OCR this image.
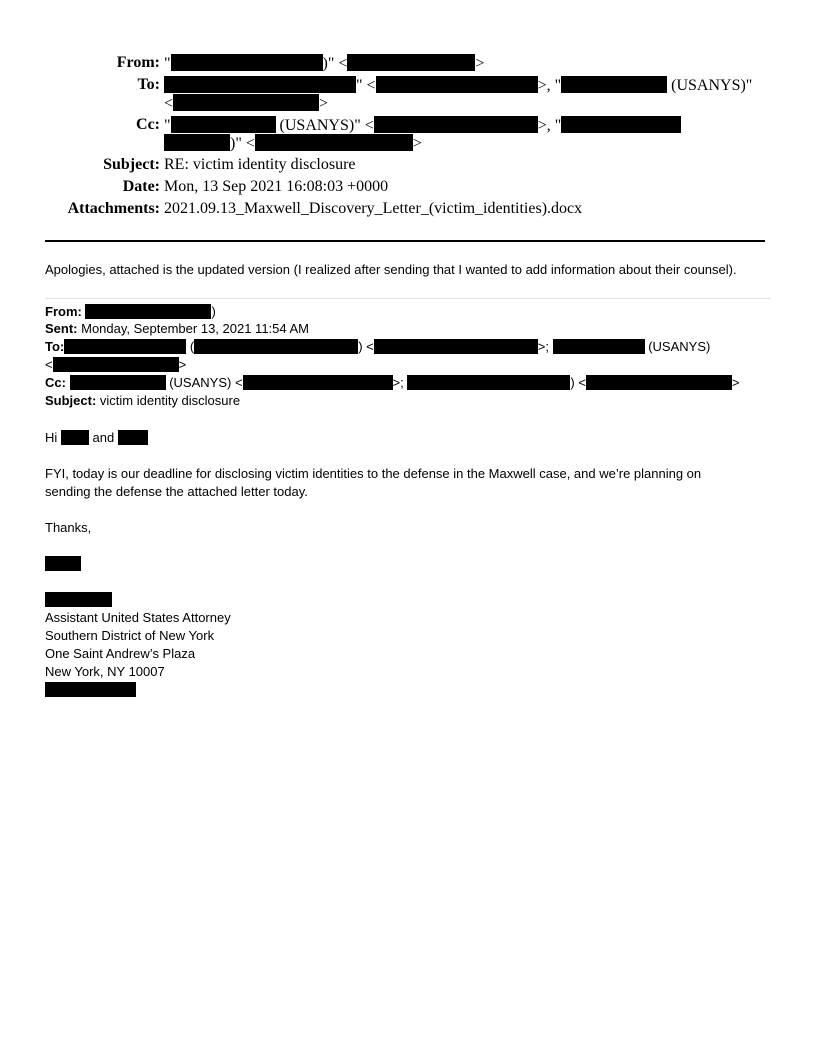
From: "	)" <	>
To:	" <	>, "	(USANYS)"
<	>
Cc: "	(USANYS)" <	>, "
)" <	>
Subject: RE: victim identity disclosure
Date: Mon, 13 Sep 2021 16:08:03 +0000
Attachments: 2021.09.13_Maxwell_Discovery_Letter_(victim_identities).docx
Apologies, attached is the updated version (I realized after sending that I wanted to add information about their counsel).
From:	)
Sent: Monday, September 13, 2021 11:54 AM
To:	(	) <	>;	(USANYS)
<	>
Cc:	(USANYS) <	>;	) <	>
Subject: victim identity disclosure
Hi	and
FYI, today is our deadline for disclosing victim identities to the defense in the Maxwell case, and we’re planning on
sending the defense the attached letter today.
Thanks,
Assistant United States Attorney
Southern District of New York
One Saint Andrew’s Plaza
New York, NY 10007
